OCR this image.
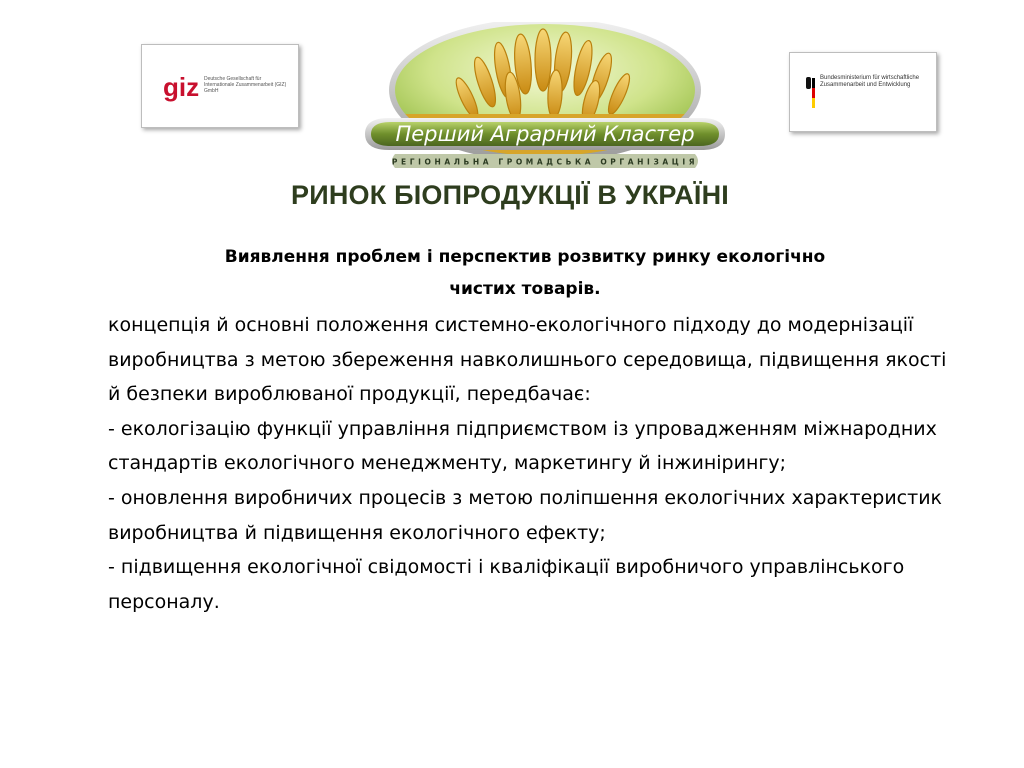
giz Deutsche Gesellschaft für Internationale Zusammenarbeit (GIZ) GmbH
Bundesministerium für wirtschaftliche Zusammenarbeit und Entwicklung
Перший Аграрний Кластер
РЕГІОНАЛЬНА ГРОМАДСЬКА ОРГАНІЗАЦІЯ
РИНОК БІОПРОДУКЦІЇ В УКРАЇНІ
Виявлення проблем і перспектив розвитку ринку екологічно
чистих товарів.

концепція й основні положення системно-екологічного підходу до модернізації виробництва з метою збереження навколишнього середовища, підвищення якості й безпеки вироблюваної продукції, передбачає:

- екологізацію функції управління підприємством із упровадженням міжнародних стандартів екологічного менеджменту, маркетингу й інжинірингу;

- оновлення виробничих процесів з метою поліпшення екологічних характеристик виробництва й підвищення екологічного ефекту;

- підвищення екологічної свідомості і кваліфікації виробничого управлінського персоналу.
